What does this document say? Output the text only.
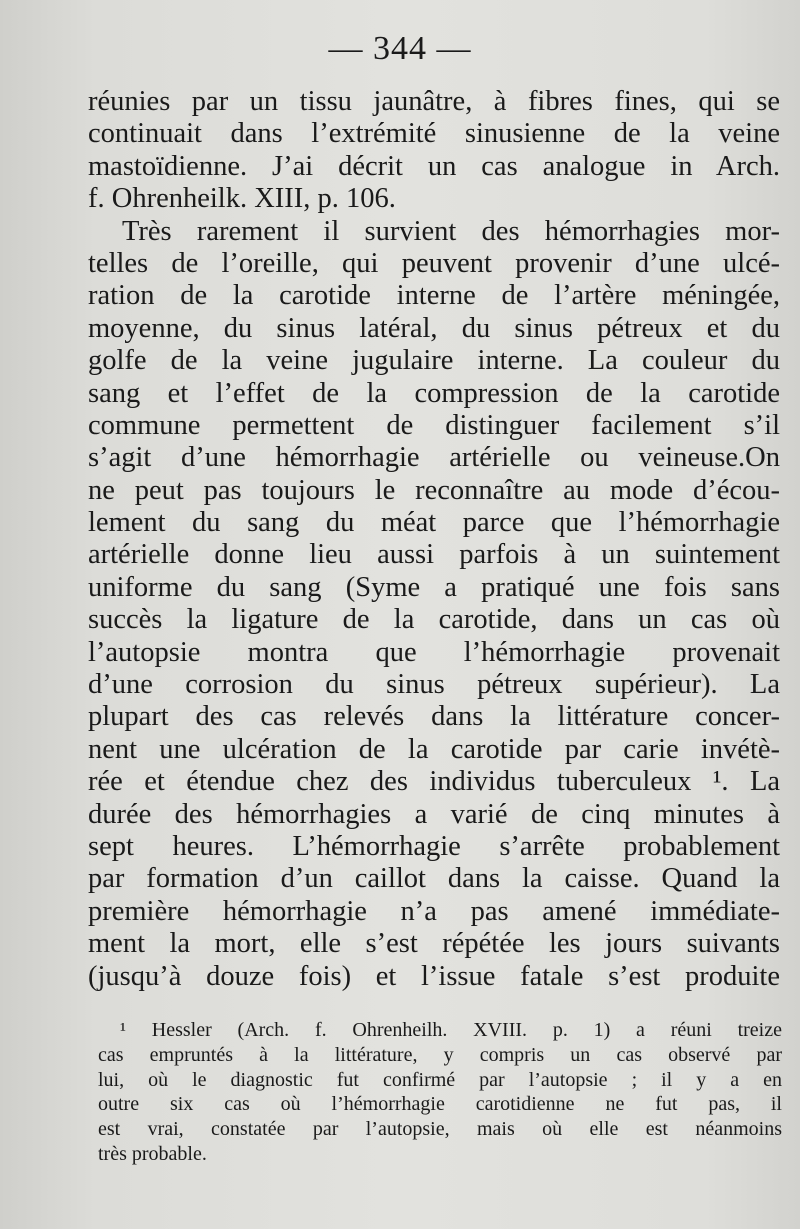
— 344 —
réunies par un tissu jaunâtre, à fibres fines, qui se
continuait dans l’extrémité sinusienne de la veine
mastoïdienne. J’ai décrit un cas analogue in Arch.
f. Ohrenheilk. XIII, p. 106.
Très rarement il survient des hémorrhagies mor-
telles de l’oreille, qui peuvent provenir d’une ulcé-
ration de la carotide interne de l’artère méningée,
moyenne, du sinus latéral, du sinus pétreux et du
golfe de la veine jugulaire interne. La couleur du
sang et l’effet de la compression de la carotide
commune permettent de distinguer facilement s’il
s’agit d’une hémorrhagie artérielle ou veineuse.On
ne peut pas toujours le reconnaître au mode d’écou-
lement du sang du méat parce que l’hémorrhagie
artérielle donne lieu aussi parfois à un suintement
uniforme du sang (Syme a pratiqué une fois sans
succès la ligature de la carotide, dans un cas où
l’autopsie montra que l’hémorrhagie provenait
d’une corrosion du sinus pétreux supérieur). La
plupart des cas relevés dans la littérature concer-
nent une ulcération de la carotide par carie invétè-
rée et étendue chez des individus tuberculeux ¹. La
durée des hémorrhagies a varié de cinq minutes à
sept heures. L’hémorrhagie s’arrête probablement
par formation d’un caillot dans la caisse. Quand la
première hémorrhagie n’a pas amené immédiate-
ment la mort, elle s’est répétée les jours suivants
(jusqu’à douze fois) et l’issue fatale s’est produite
¹ Hessler (Arch. f. Ohrenheilh. XVIII. p. 1) a réuni treize
cas empruntés à la littérature, y compris un cas observé par
lui, où le diagnostic fut confirmé par l’autopsie ; il y a en
outre six cas où l’hémorrhagie carotidienne ne fut pas, il
est vrai, constatée par l’autopsie, mais où elle est néanmoins
très probable.
